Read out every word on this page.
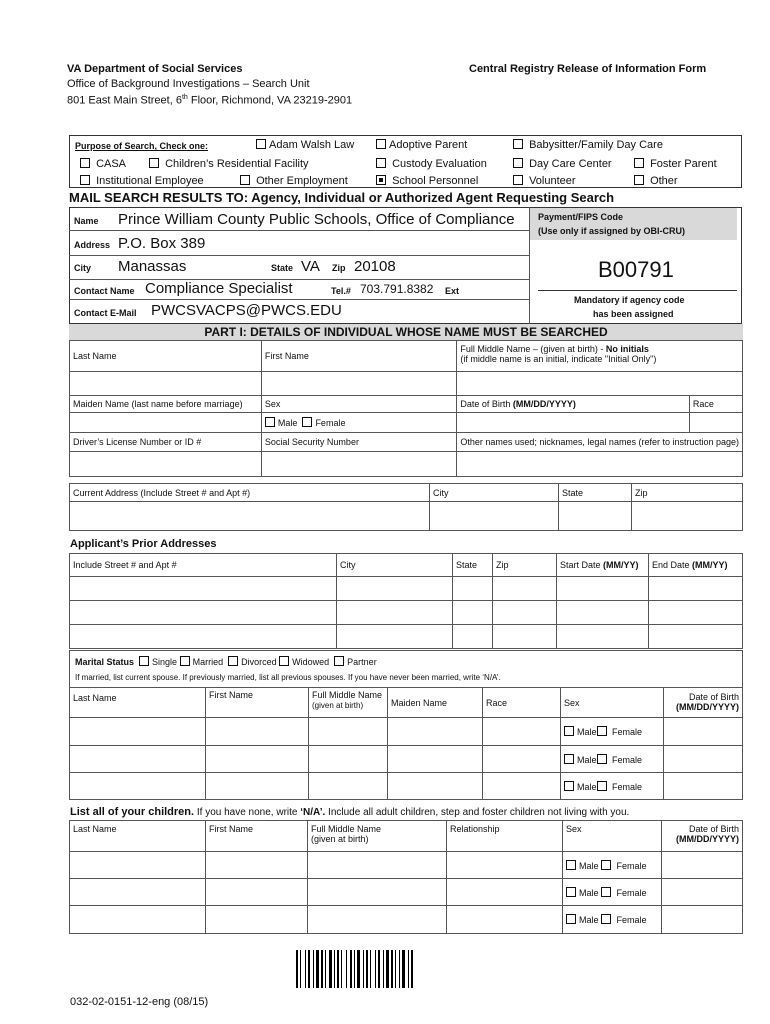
VA Department of Social Services
Office of Background Investigations – Search Unit
801 East Main Street, 6th Floor, Richmond, VA 23219-2901
Central Registry Release of Information Form
Purpose of Search, Check one:	Adam Walsh Law	Adoptive Parent	Babysitter/Family Day Care
CASA	Children’s Residential Facility	Custody Evaluation	Day Care Center	Foster Parent
Institutional Employee	Other Employment	School Personnel	Volunteer	Other
MAIL SEARCH RESULTS TO: Agency, Individual or Authorized Agent Requesting Search
Name Prince William County Public Schools, Office of Compliance
Address P.O. Box 389
City Manassas	State VA Zip 20108
Contact Name Compliance Specialist	Tel.# 703.791.8382 Ext
Contact E-Mail PWCSVACPS@PWCS.EDU
Payment/FIPS Code
(Use only if assigned by OBI-CRU)
B00791
Mandatory if agency code
has been assigned
PART I: DETAILS OF INDIVIDUAL WHOSE NAME MUST BE SEARCHED
Last Name	First Name	Full Middle Name – (given at birth) - No initials
(if middle name is an initial, indicate "Initial Only")	

Maiden Name (last name before marriage)	Sex	Date of Birth (MM/DD/YYYY)	Race
	Male Female		
Driver’s License Number or ID #	Social Security Number	Other names used; nicknames, legal names (refer to instruction page)	

Current Address (Include Street # and Apt #)	City	State	Zip

Applicant’s Prior Addresses
Include Street # and Apt #	City	State	Zip	Start Date (MM/YY)	End Date (MM/YY)

Marital Status Single Married Divorced Widowed Partner
If married, list current spouse. If previously married, list all previous spouses. If you have never been married, write ‘N/A’.
Last Name	First Name	Full Middle Name
(given at birth)	Maiden Name	Race	Sex	Date of Birth
(MM/DD/YYYY)
					Male Female	
					Male Female	
					Male Female	
List all of your children. If you have none, write ‘N/A’. Include all adult children, step and foster children not living with you.
Last Name	First Name	Full Middle Name
(given at birth)	Relationship	Sex	Date of Birth
(MM/DD/YYYY)
				Male Female	
				Male Female	
				Male Female	
032-02-0151-12-eng (08/15)
